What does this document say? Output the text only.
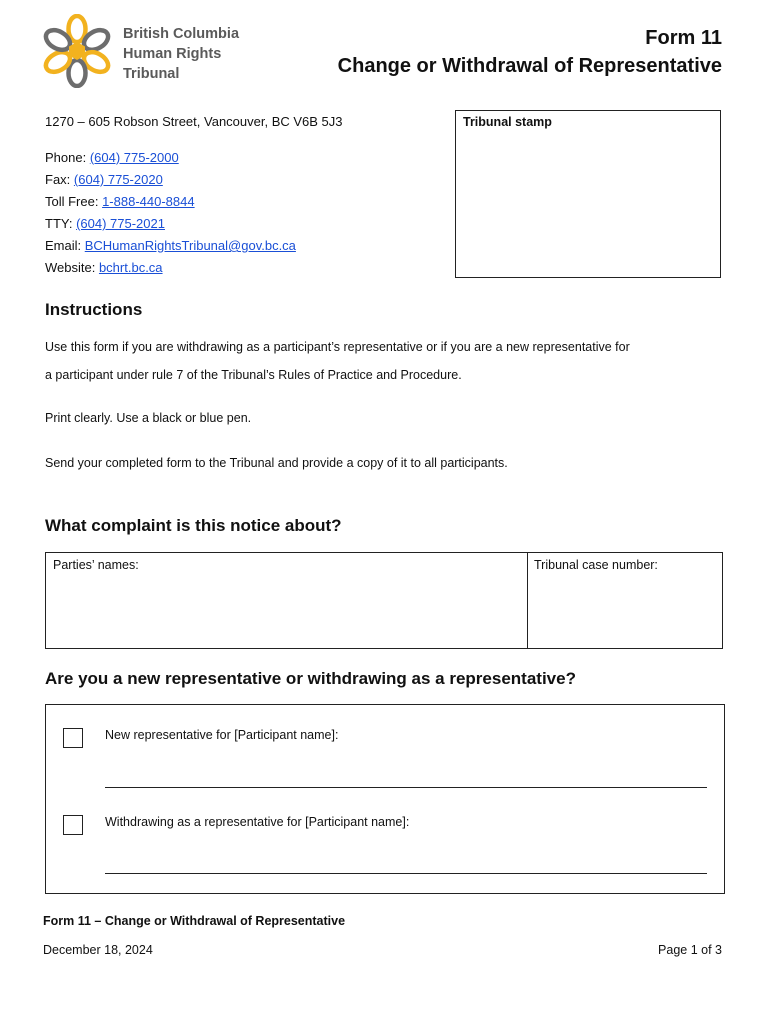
British Columbia
Human Rights
Tribunal
Form 11
Change or Withdrawal of Representative
1270 – 605 Robson Street, Vancouver, BC V6B 5J3
Phone: (604) 775-2000
Fax: (604) 775-2020
Toll Free: 1-888-440-8844
TTY: (604) 775-2021
Email: BCHumanRightsTribunal@gov.bc.ca
Website: bchrt.bc.ca
Tribunal stamp
Instructions
Use this form if you are withdrawing as a participant’s representative or if you are a new representative for
a participant under rule 7 of the Tribunal’s Rules of Practice and Procedure.
Print clearly. Use a black or blue pen.
Send your completed form to the Tribunal and provide a copy of it to all participants.
What complaint is this notice about?
Parties’ names:	Tribunal case number:
Are you a new representative or withdrawing as a representative?
New representative for [Participant name]:
Withdrawing as a representative for [Participant name]:
Form 11 – Change or Withdrawal of Representative
December 18, 2024	Page 1 of 3
